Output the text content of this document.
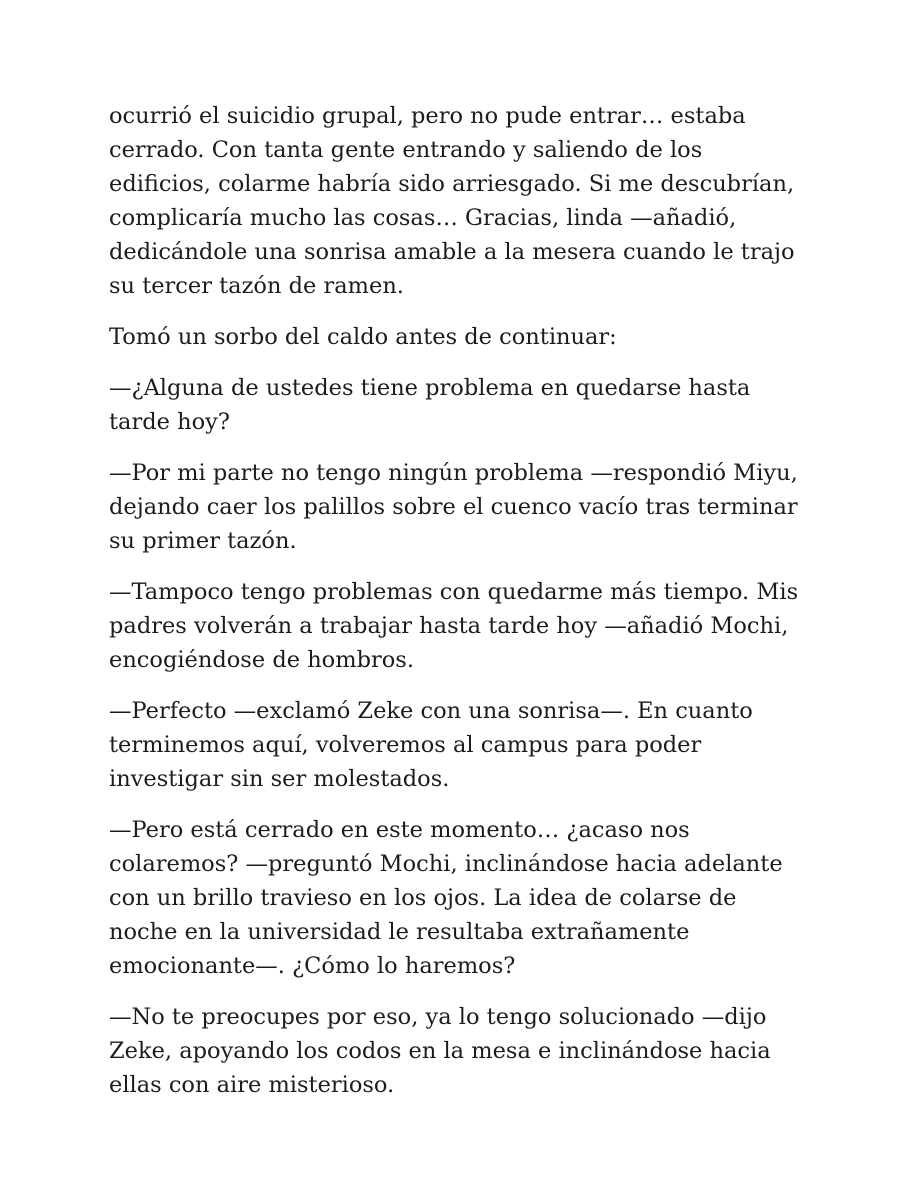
ocurrió el suicidio grupal, pero no pude entrar… estaba
cerrado. Con tanta gente entrando y saliendo de los
edificios, colarme habría sido arriesgado. Si me descubrían,
complicaría mucho las cosas… Gracias, linda —añadió,
dedicándole una sonrisa amable a la mesera cuando le trajo
su tercer tazón de ramen.

Tomó un sorbo del caldo antes de continuar:

—¿Alguna de ustedes tiene problema en quedarse hasta
tarde hoy?

—Por mi parte no tengo ningún problema —respondió Miyu,
dejando caer los palillos sobre el cuenco vacío tras terminar
su primer tazón.

—Tampoco tengo problemas con quedarme más tiempo. Mis
padres volverán a trabajar hasta tarde hoy —añadió Mochi,
encogiéndose de hombros.

—Perfecto —exclamó Zeke con una sonrisa—. En cuanto
terminemos aquí, volveremos al campus para poder
investigar sin ser molestados.

—Pero está cerrado en este momento… ¿acaso nos
colaremos? —preguntó Mochi, inclinándose hacia adelante
con un brillo travieso en los ojos. La idea de colarse de
noche en la universidad le resultaba extrañamente
emocionante—. ¿Cómo lo haremos?

—No te preocupes por eso, ya lo tengo solucionado —dijo
Zeke, apoyando los codos en la mesa e inclinándose hacia
ellas con aire misterioso.
